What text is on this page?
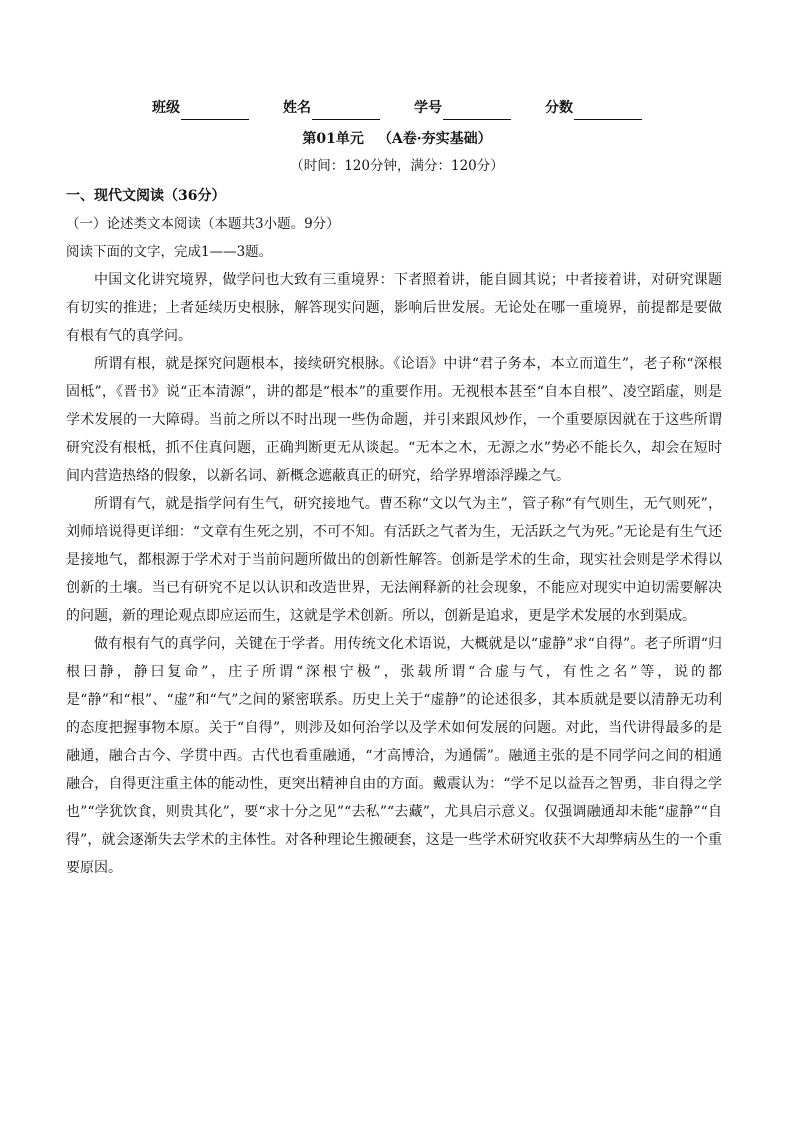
班级	姓名	学号	分数
第01单元 （A卷·夯实基础）
（时间：120分钟，满分：120分）
一、现代文阅读（36分）
（一）论述类文本阅读（本题共3小题。9分）
阅读下面的文字，完成1——3题。

中国文化讲究境界，做学问也大致有三重境界：下者照着讲，能自圆其说；中者接着讲，对研究课题有切实的推进；上者延续历史根脉，解答现实问题，影响后世发展。无论处在哪一重境界，前提都是要做有根有气的真学问。

所谓有根，就是探究问题根本，接续研究根脉。《论语》中讲“君子务本，本立而道生”，老子称“深根固柢”，《晋书》说“正本清源”，讲的都是“根本”的重要作用。无视根本甚至“自本自根”、凌空蹈虚，则是学术发展的一大障碍。当前之所以不时出现一些伪命题，并引来跟风炒作，一个重要原因就在于这些所谓研究没有根柢，抓不住真问题，正确判断更无从谈起。“无本之木，无源之水”势必不能长久，却会在短时间内营造热络的假象，以新名词、新概念遮蔽真正的研究，给学界增添浮躁之气。

所谓有气，就是指学问有生气，研究接地气。曹丕称“文以气为主”，管子称“有气则生，无气则死”，刘师培说得更详细：“文章有生死之别，不可不知。有活跃之气者为生，无活跃之气为死。”无论是有生气还是接地气，都根源于学术对于当前问题所做出的创新性解答。创新是学术的生命，现实社会则是学术得以创新的土壤。当已有研究不足以认识和改造世界，无法阐释新的社会现象，不能应对现实中迫切需要解决的问题，新的理论观点即应运而生，这就是学术创新。所以，创新是追求，更是学术发展的水到渠成。

做有根有气的真学问，关键在于学者。用传统文化术语说，大概就是以“虚静”求“自得”。老子所谓“归根曰静，静曰复命”，庄子所谓“深根宁极”，张载所谓“合虚与气，有性之名”等，说的都是“静”和“根”、“虚”和“气”之间的紧密联系。历史上关于“虚静”的论述很多，其本质就是要以清静无功利的态度把握事物本原。关于“自得”，则涉及如何治学以及学术如何发展的问题。对此，当代讲得最多的是融通，融合古今、学贯中西。古代也看重融通，“才高博洽，为通儒”。融通主张的是不同学问之间的相通融合，自得更注重主体的能动性，更突出精神自由的方面。戴震认为：“学不足以益吾之智勇，非自得之学也”“学犹饮食，则贵其化”，要“求十分之见”“去私”“去藏”，尤具启示意义。仅强调融通却未能“虚静”“自得”，就会逐渐失去学术的主体性。对各种理论生搬硬套，这是一些学术研究收获不大却弊病丛生的一个重要原因。
